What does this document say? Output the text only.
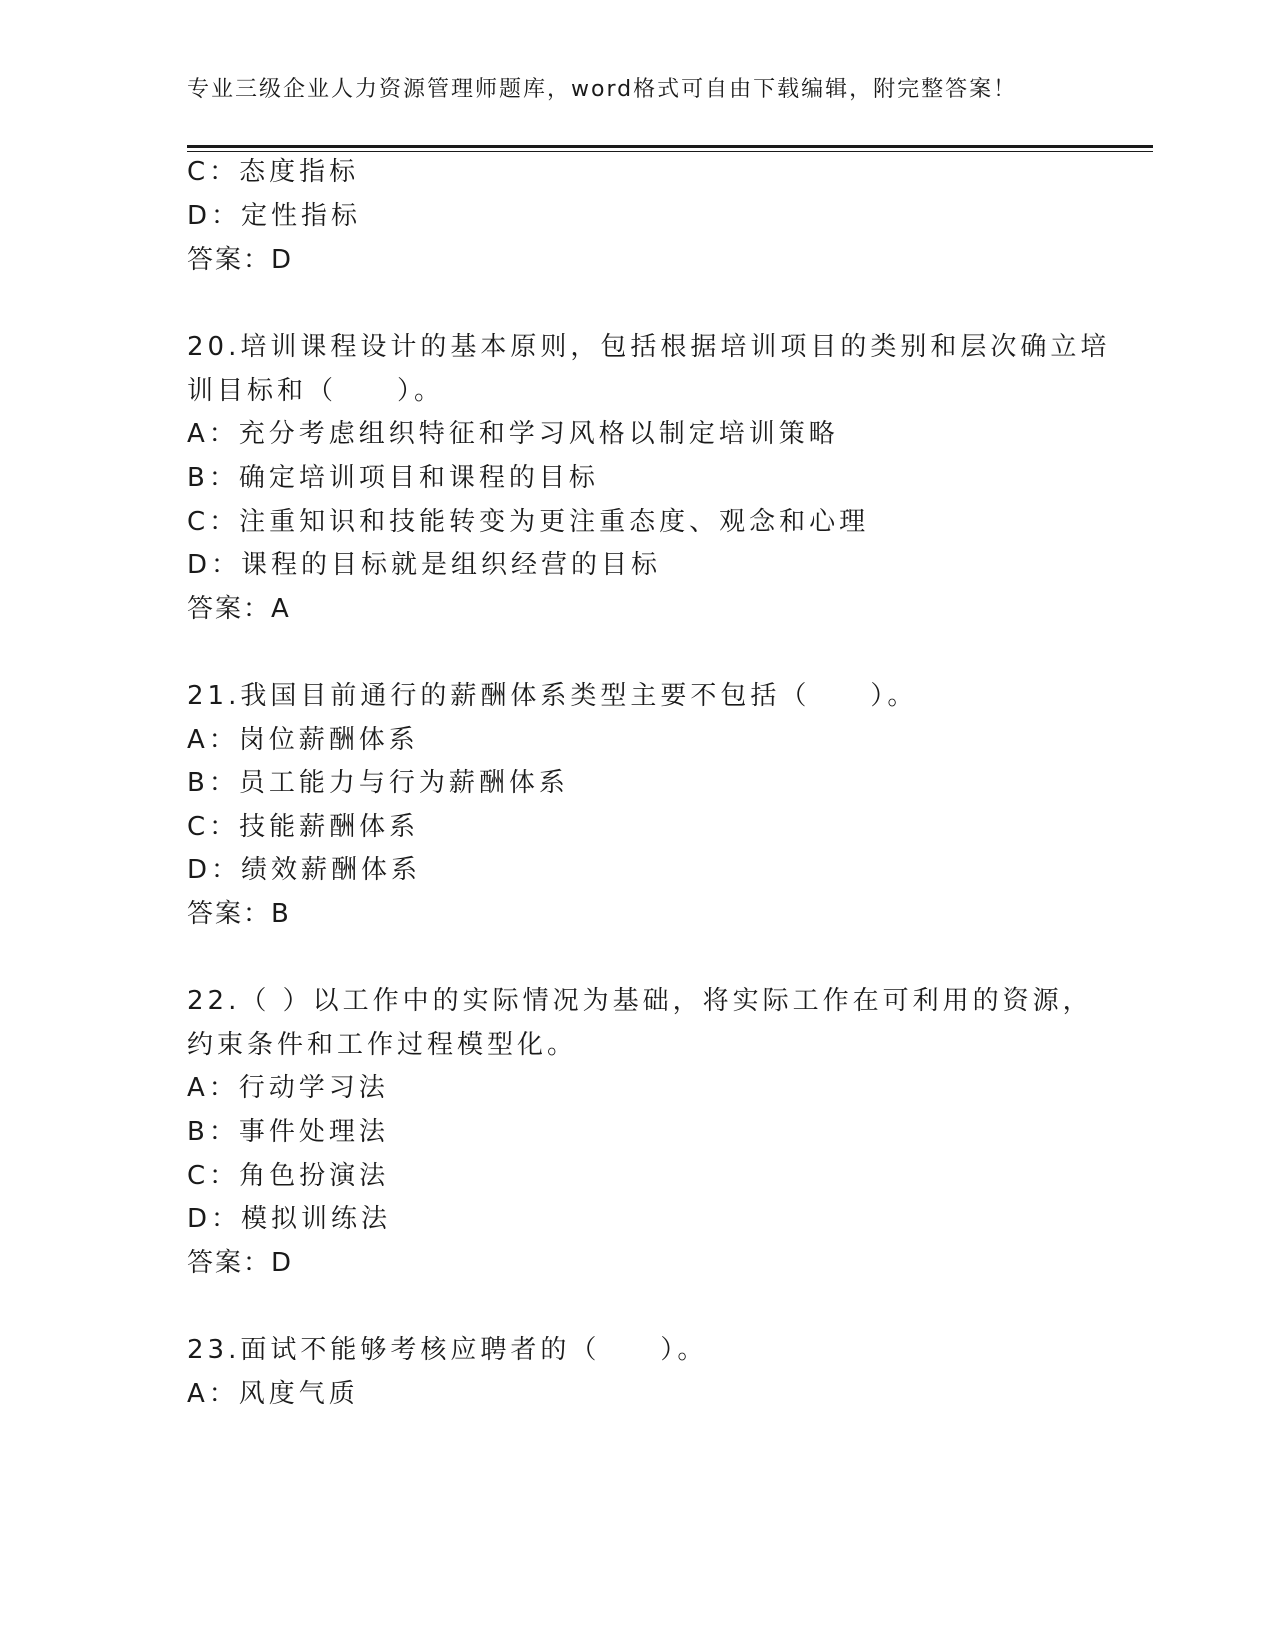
专业三级企业人力资源管理师题库，word格式可自由下载编辑，附完整答案！
C：态度指标
D：定性指标
答案：D
20.培训课程设计的基本原则，包括根据培训项目的类别和层次确立培
训目标和（　　）。
A：充分考虑组织特征和学习风格以制定培训策略
B：确定培训项目和课程的目标
C：注重知识和技能转变为更注重态度、观念和心理
D：课程的目标就是组织经营的目标
答案：A
21.我国目前通行的薪酬体系类型主要不包括（　　）。
A：岗位薪酬体系
B：员工能力与行为薪酬体系
C：技能薪酬体系
D：绩效薪酬体系
答案：B
22.（ ）以工作中的实际情况为基础，将实际工作在可利用的资源，
约束条件和工作过程模型化。
A：行动学习法
B：事件处理法
C：角色扮演法
D：模拟训练法
答案：D
23.面试不能够考核应聘者的（　　）。
A：风度气质
